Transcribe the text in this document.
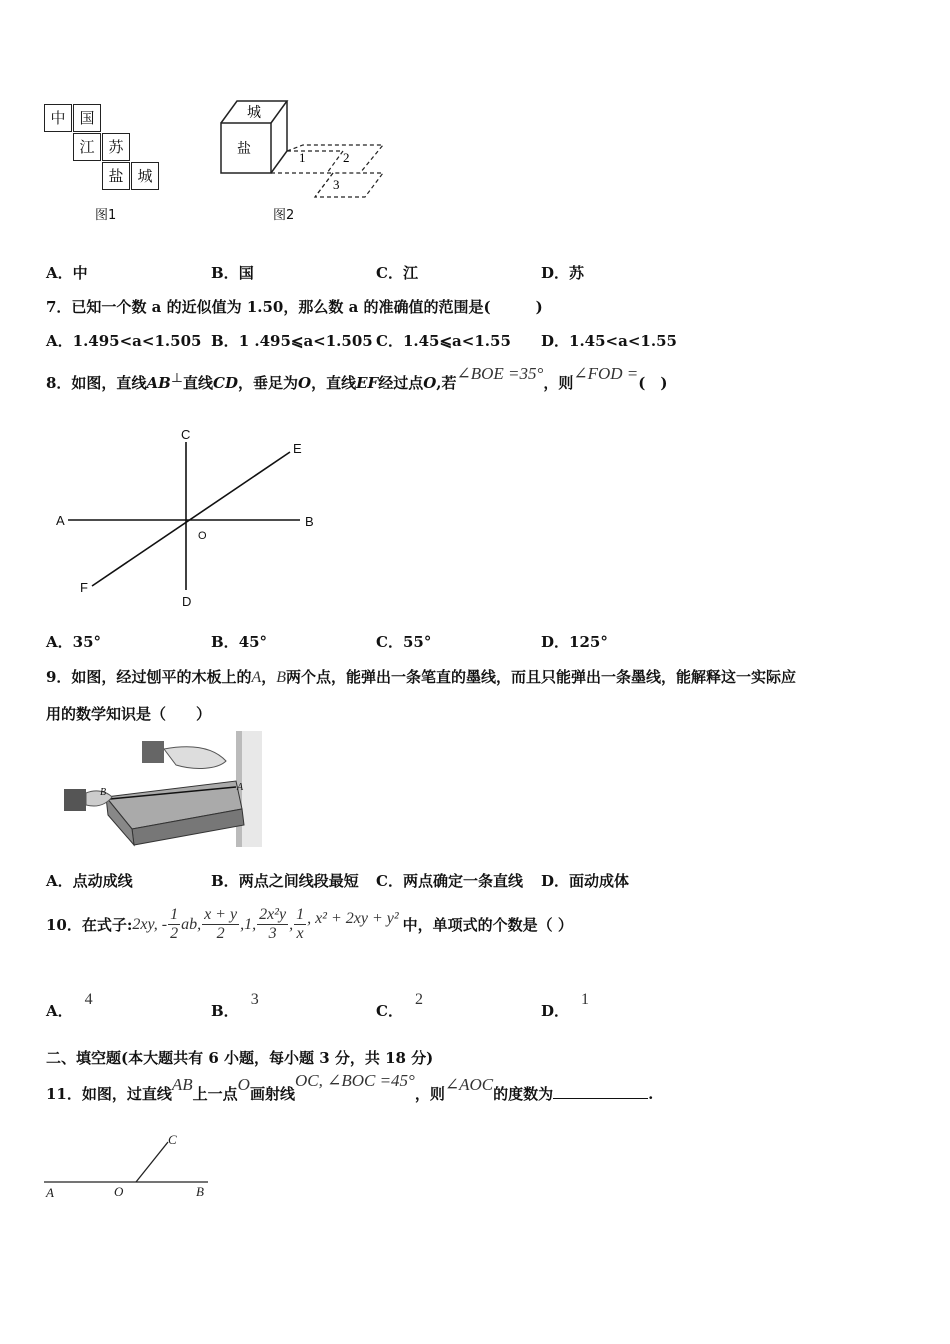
中 国
江 苏
盐 城
图1
城
盐
1	2
3
图2
A．中	B．国	C．江	D．苏
7．已知一个数 a 的近似值为 1.50，那么数 a 的准确值的范围是(　　　)
A．1.495<a<1.505 B．1 .495⩽a<1.505 C．1.45⩽a<1.55 D．1.45<a<1.55
8．如图，直线AB⊥直线CD，垂足为O，直线EF经过点O,若∠BOE =35°，则∠FOD =(　)
C
E
A	B
O
F
D
A．35°	B．45°	C．55°	D．125°
9．如图，经过刨平的木板上的A，B两个点，能弹出一条笔直的墨线，而且只能弹出一条墨线，能解释这一实际应
用的数学知识是（　　）
B	A
A．点动成线	B．两点之间线段最短 C．两点确定一条直线 D．面动成体
10．在式子: 2xy, - $\frac{1}{2}$ ab, $\frac{x + y}{2} ,1$, $\frac{\text{2x²y}}{3}$ , $\frac{1}{x}$ , x² + 2xy + y² 中，单项式的个数是（ ）
A．4
B．3
C．2
D．1
二、填空题(本大题共有 6 小题，每小题 3 分，共 18 分)
11．如图，过直线AB上一点O画射线OC, ∠BOC =45°，则∠AOC的度数为	.
A	O	B
C
